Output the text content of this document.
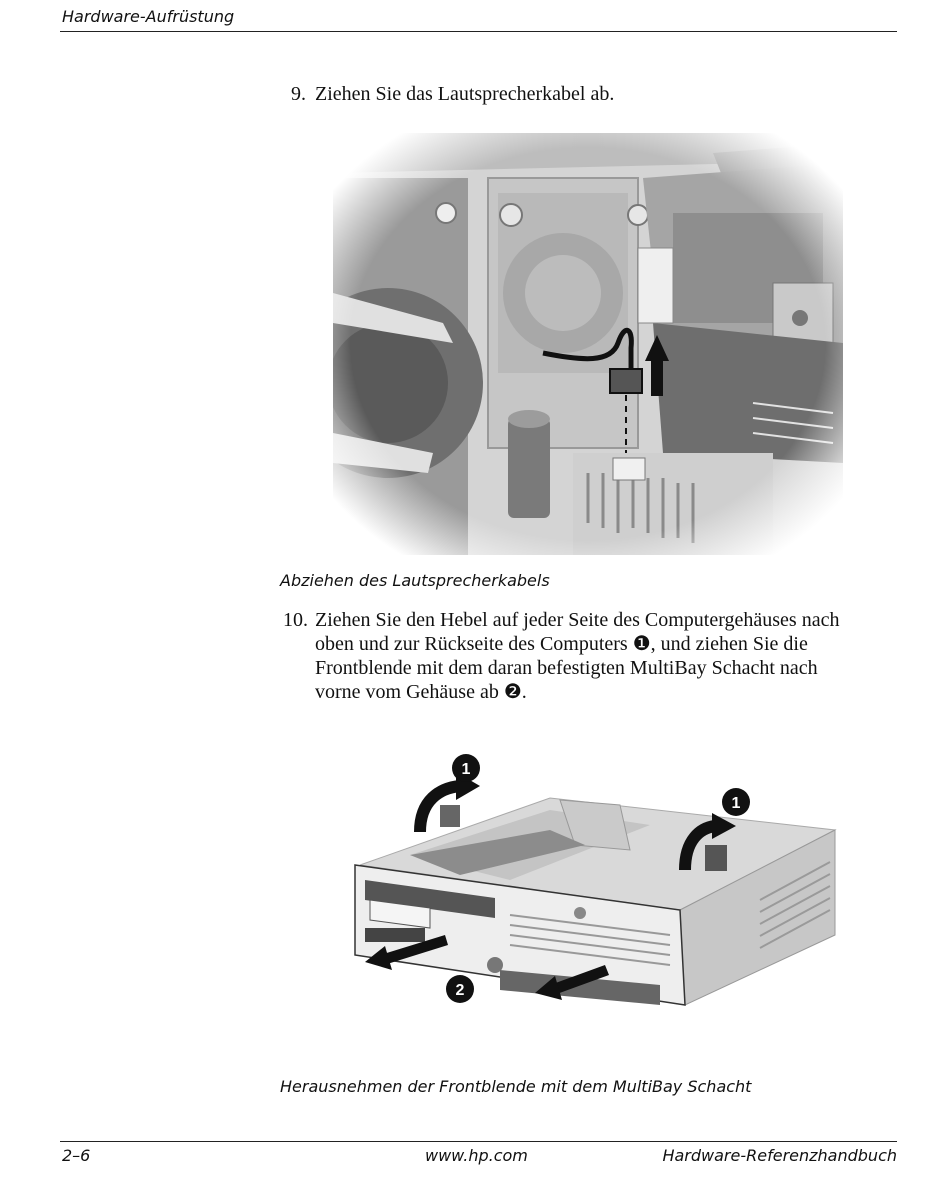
Hardware-Aufrüstung
9. Ziehen Sie das Lautsprecherkabel ab.
Abziehen des Lautsprecherkabels
10. Ziehen Sie den Hebel auf jeder Seite des Computergehäuses nach
oben und zur Rückseite des Computers ❶, und ziehen Sie die
Frontblende mit dem daran befestigten MultiBay Schacht nach
vorne vom Gehäuse ab ❷.
1
1
2
Herausnehmen der Frontblende mit dem MultiBay Schacht
2–6	www.hp.com	Hardware-Referenzhandbuch
